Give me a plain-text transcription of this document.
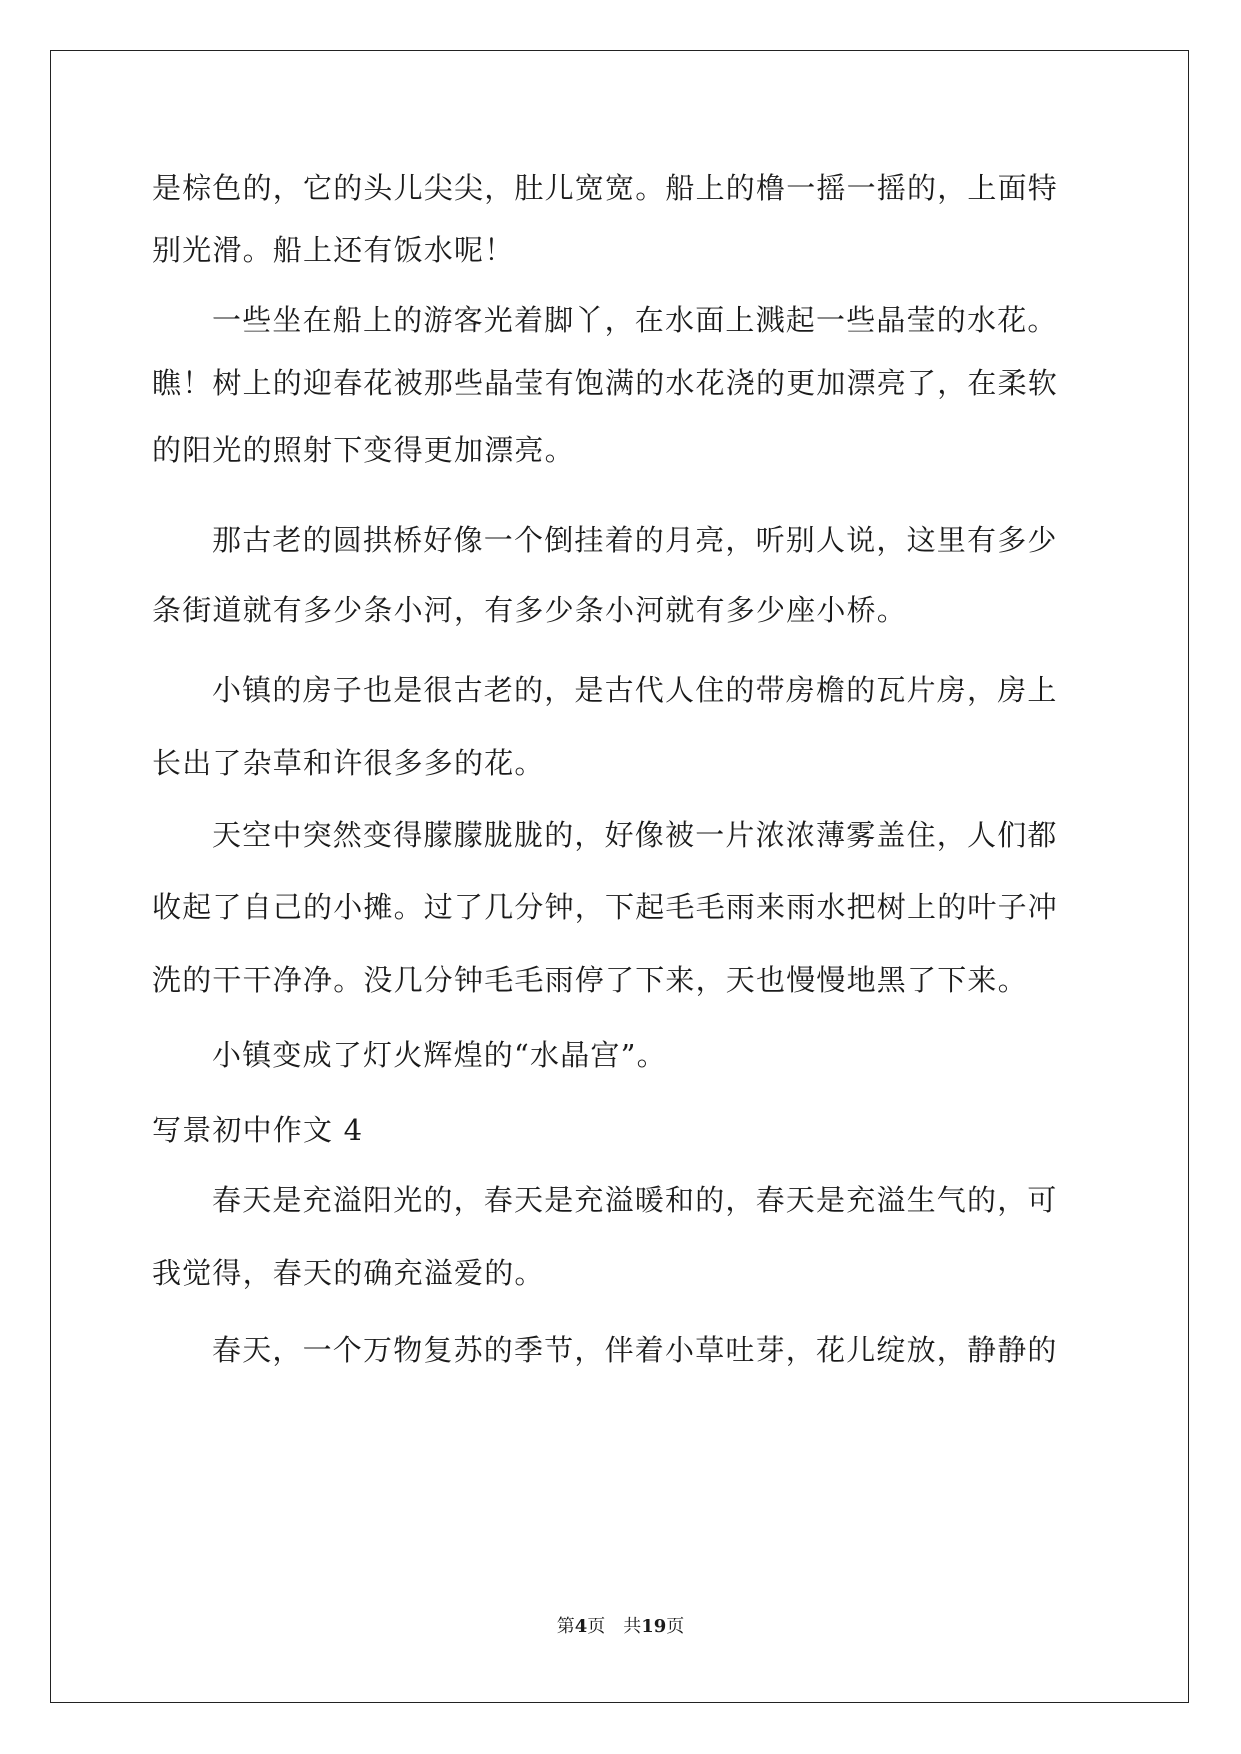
是棕色的，它的头儿尖尖，肚儿宽宽。船上的橹一摇一摇的，上面特
别光滑。船上还有饭水呢！
一些坐在船上的游客光着脚丫，在水面上溅起一些晶莹的水花。
瞧！树上的迎春花被那些晶莹有饱满的水花浇的更加漂亮了，在柔软
的阳光的照射下变得更加漂亮。
那古老的圆拱桥好像一个倒挂着的月亮，听别人说，这里有多少
条街道就有多少条小河，有多少条小河就有多少座小桥。
小镇的房子也是很古老的，是古代人住的带房檐的瓦片房，房上
长出了杂草和许很多多的花。
天空中突然变得朦朦胧胧的，好像被一片浓浓薄雾盖住，人们都
收起了自己的小摊。过了几分钟，下起毛毛雨来雨水把树上的叶子冲
洗的干干净净。没几分钟毛毛雨停了下来，天也慢慢地黑了下来。
小镇变成了灯火辉煌的“水晶宫”。
写景初中作文 4
春天是充溢阳光的，春天是充溢暖和的，春天是充溢生气的，可
我觉得，春天的确充溢爱的。
春天，一个万物复苏的季节，伴着小草吐芽，花儿绽放，静静的
第4页　共19页
